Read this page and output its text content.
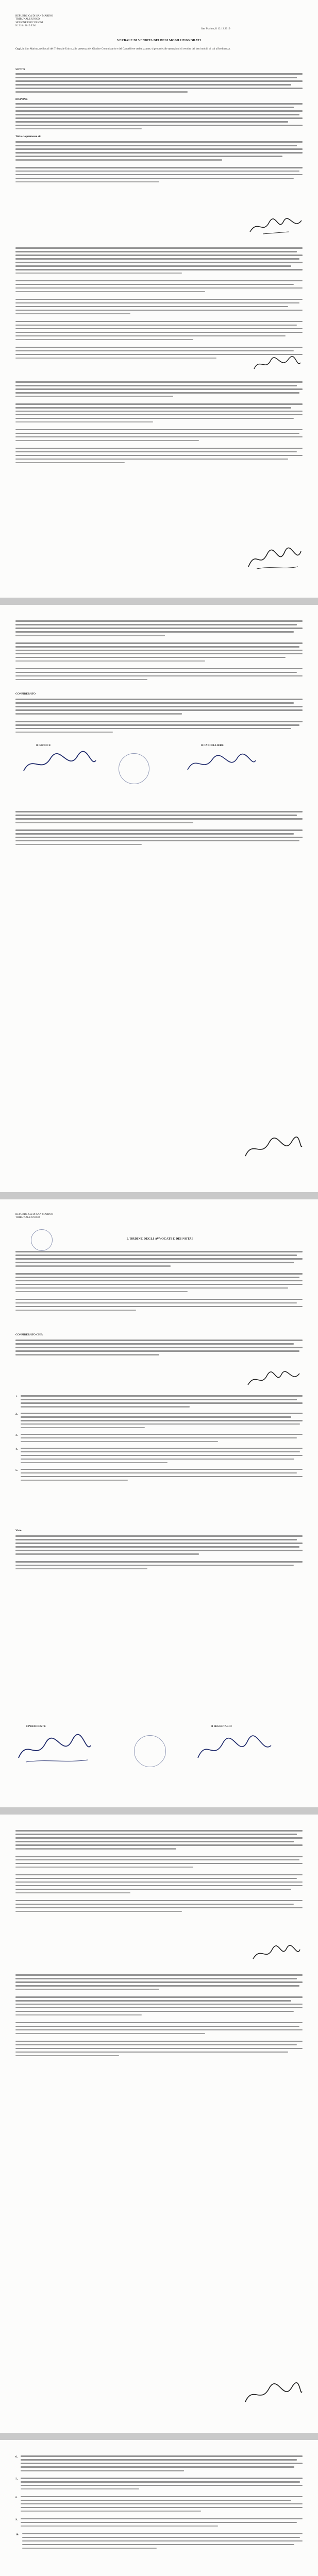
REPUBBLICA DI SAN MARINO
TRIBUNALE UNICO
SEZIONE ESECUZIONI
N. 318 / 2019 E.M.
San Marino, lì 12.12.2019
VERBALE DI VENDITA DEI BENI MOBILI PIGNORATI
Oggi, in San Marino, nei locali del Tribunale Unico, alla presenza del Giudice Commissario e del Cancelliere verbalizzante, si procede alle operazioni di vendita dei beni mobili di cui all'ordinanza.
SOTTO
DISPONE
Tutto ciò premesso si:
CONSIDERATO
Il GIUDICE	Il CANCELLIERE
REPUBBLICA DI SAN MARINO
TRIBUNALE UNICO
L'ORDINE DEGLI AVVOCATI E DEI NOTAI
CONSIDERATO CHE:
1.
2.
3.
4.
5.
Visto
Il PRESIDENTE	Il SEGRETARIO
6.
7.
8.
9.
10.
